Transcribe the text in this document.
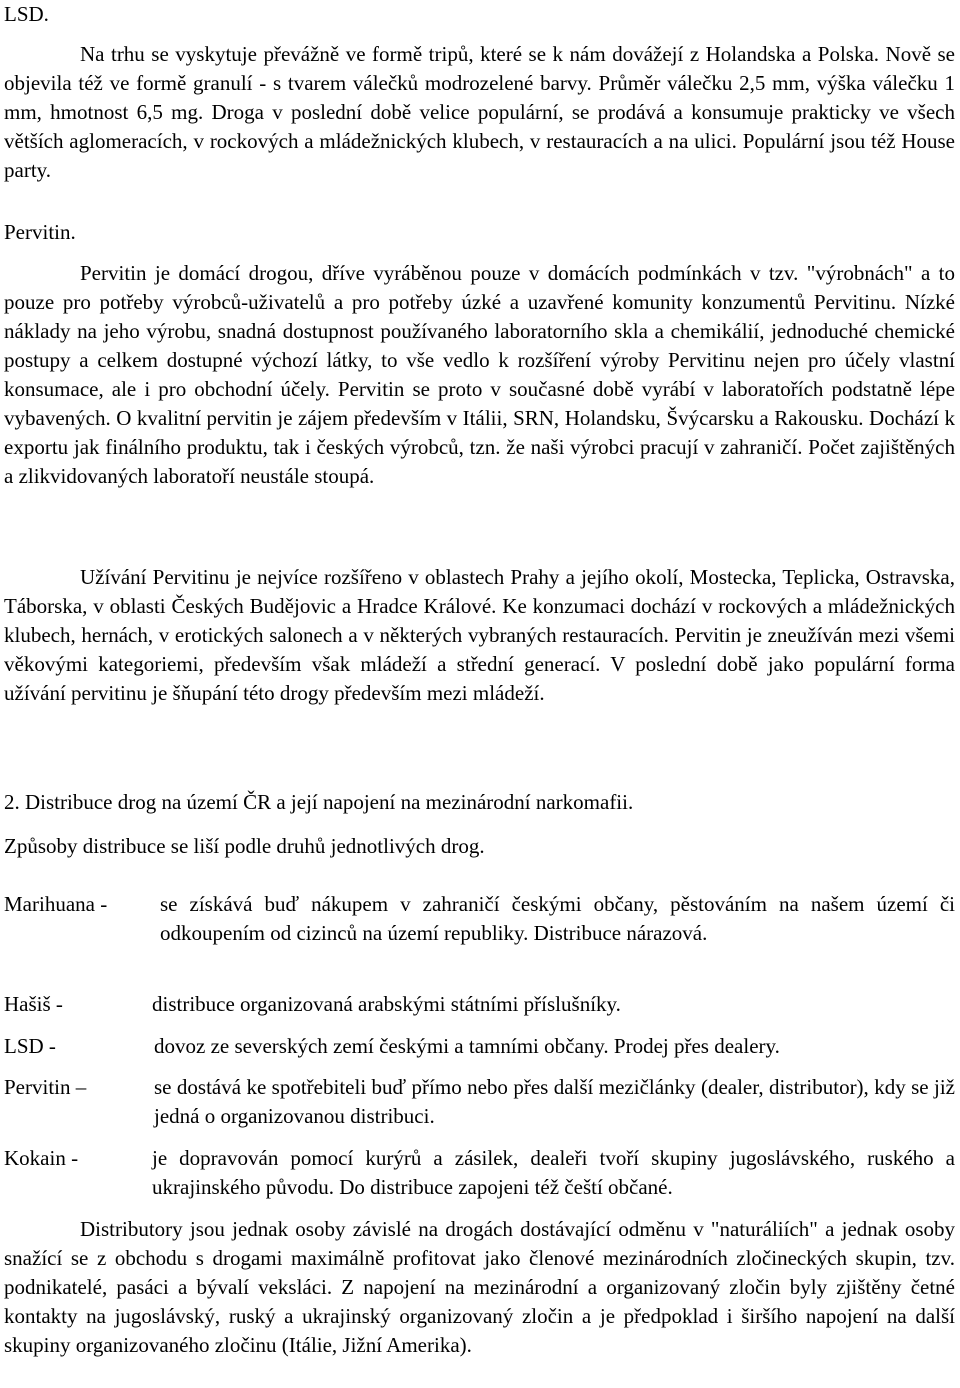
LSD.

Na trhu se vyskytuje převážně ve formě tripů, které se k nám dovážejí z Holandska a Polska. Nově se objevila též ve formě granulí - s tvarem válečků modrozelené barvy. Průměr válečku 2,5 mm, výška válečku 1 mm, hmotnost 6,5 mg. Droga v poslední době velice populární, se prodává a konsumuje prakticky ve všech větších aglomeracích, v rockových a mládežnických klubech, v restauracích a na ulici. Populární jsou též House party.

Pervitin.

Pervitin je domácí drogou, dříve vyráběnou pouze v domácích podmínkách v tzv. "výrobnách" a to pouze pro potřeby výrobců-uživatelů a pro potřeby úzké a uzavřené komunity konzumentů Pervitinu. Nízké náklady na jeho výrobu, snadná dostupnost používaného laboratorního skla a chemikálií, jednoduché chemické postupy a celkem dostupné výchozí látky, to vše vedlo k rozšíření výroby Pervitinu nejen pro účely vlastní konsumace, ale i pro obchodní účely. Pervitin se proto v současné době vyrábí v laboratořích podstatně lépe vybavených. O kvalitní pervitin je zájem především v Itálii, SRN, Holandsku, Švýcarsku a Rakousku. Dochází k exportu jak finálního produktu, tak i českých výrobců, tzn. že naši výrobci pracují v zahraničí. Počet zajištěných a zlikvidovaných laboratoří neustále stoupá.

Užívání Pervitinu je nejvíce rozšířeno v oblastech Prahy a jejího okolí, Mostecka, Teplicka, Ostravska, Táborska, v oblasti Českých Budějovic a Hradce Králové. Ke konzumaci dochází v rockových a mládežnických klubech, hernách, v erotických salonech a v některých vybraných restauracích. Pervitin je zneužíván mezi všemi věkovými kategoriemi, především však mládeží a střední generací. V poslední době jako populární forma užívání pervitinu je šňupání této drogy především mezi mládeží.

2. Distribuce drog na území ČR a její napojení na mezinárodní narkomafii.
Způsoby distribuce se liší podle druhů jednotlivých drog.
Marihuana -	se získává buď nákupem v zahraničí českými občany, pěstováním na našem území či odkoupením od cizinců na území republiky. Distribuce nárazová.
Hašiš -	distribuce organizovaná arabskými státními příslušníky.
LSD -	dovoz ze severských zemí českými a tamními občany. Prodej přes dealery.
Pervitin –	se dostává ke spotřebiteli buď přímo nebo přes další mezičlánky (dealer, distributor), kdy se již jedná o organizovanou distribuci.
Kokain -	je dopravován pomocí kurýrů a zásilek, dealeři tvoří skupiny jugoslávského, ruského a ukrajinského původu. Do distribuce zapojeni též čeští občané.

Distributory jsou jednak osoby závislé na drogách dostávající odměnu v "naturáliích" a jednak osoby snažící se z obchodu s drogami maximálně profitovat jako členové mezinárodních zločineckých skupin, tzv. podnikatelé, pasáci a bývalí veksláci. Z napojení na mezinárodní a organizovaný zločin byly zjištěny četné kontakty na jugoslávský, ruský a ukrajinský organizovaný zločin a je předpoklad i širšího napojení na další skupiny organizovaného zločinu (Itálie, Jižní Amerika).
